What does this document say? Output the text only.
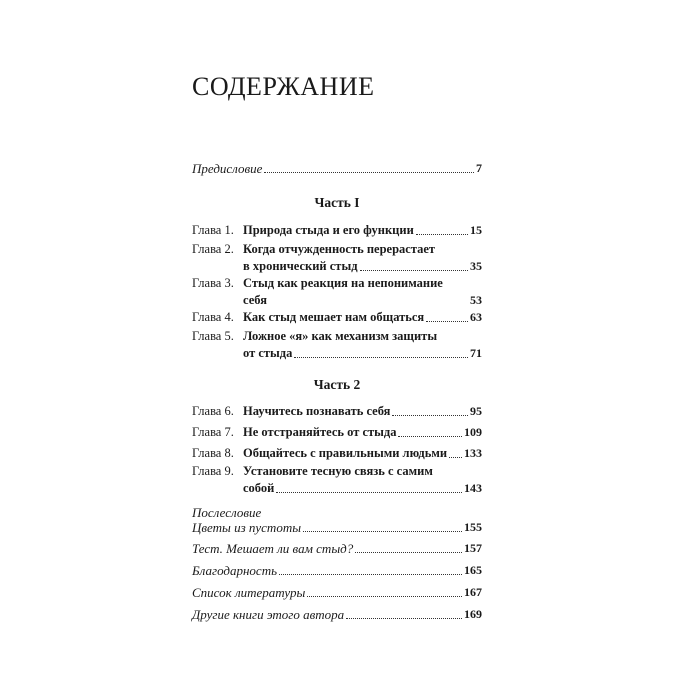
СОДЕРЖАНИЕ
Предисловие	7
Часть I
Глава 1. Природа стыда и его функции	15
Глава 2. Когда отчужденность перерастает
в хронический стыд	35
Глава 3. Стыд как реакция на непонимание
себя	53
Глава 4. Как стыд мешает нам общаться	63
Глава 5. Ложное «я» как механизм защиты
от стыда	71
Часть 2
Глава 6. Научитесь познавать себя	95
Глава 7. Не отстраняйтесь от стыда	109
Глава 8. Общайтесь с правильными людьми 133
Глава 9. Установите тесную связь с самим
собой	143
Послесловие
Цветы из пустоты	155
Тест. Мешает ли вам стыд?	157
Благодарность	165
Список литературы	167
Другие книги этого автора	169
